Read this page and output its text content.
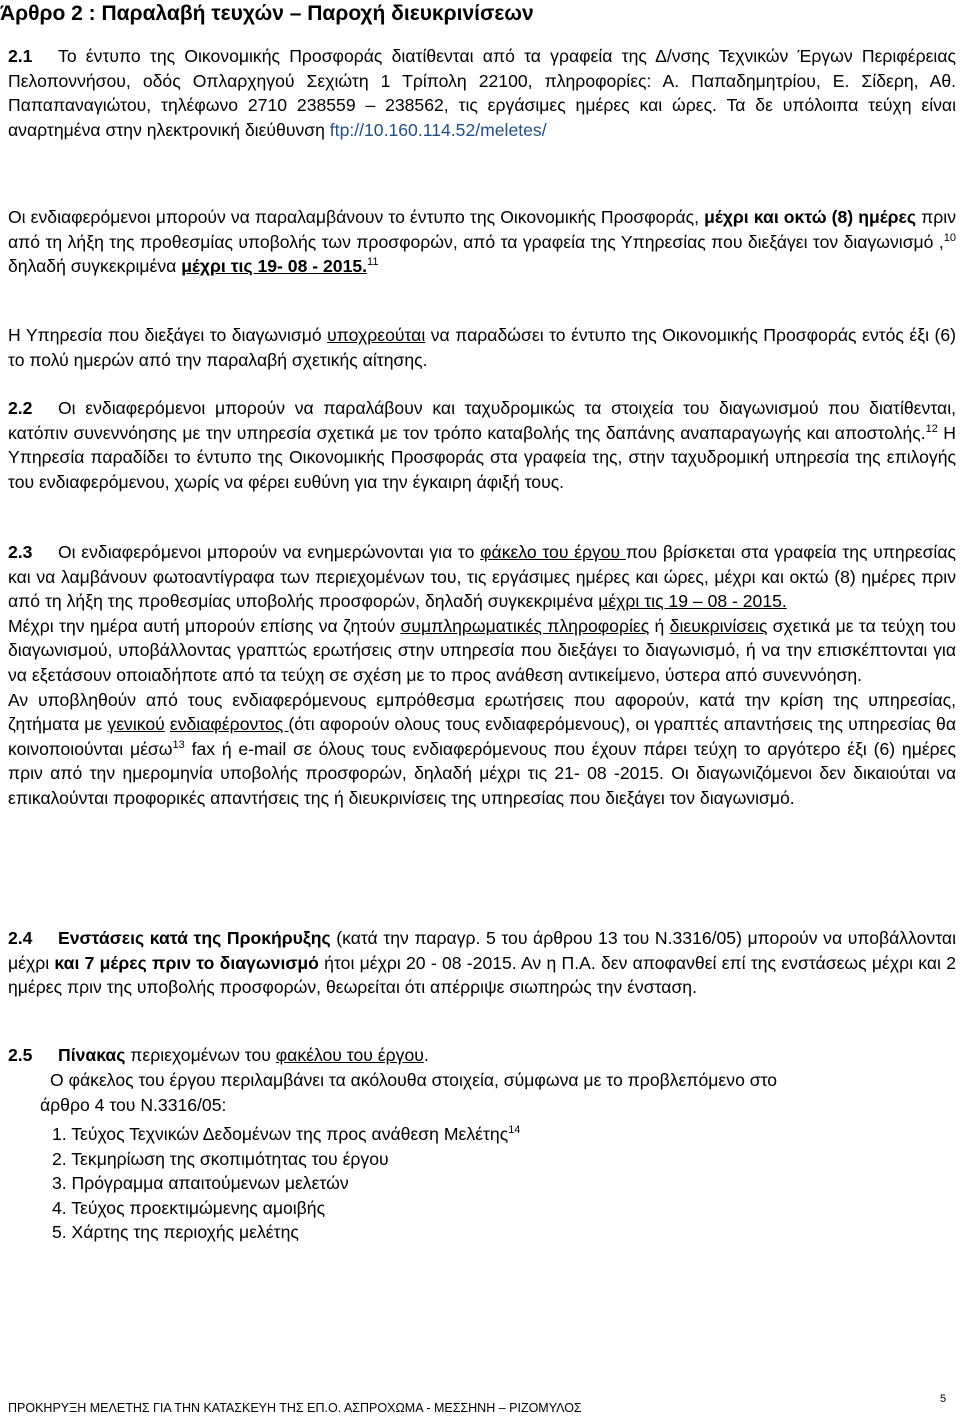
Άρθρο 2 : Παραλαβή τευχών – Παροχή διευκρινίσεων
2.1 Το έντυπο της Οικονομικής Προσφοράς διατίθενται από τα γραφεία της Δ/νσης Τεχνικών Έργων Περιφέρειας Πελοποννήσου, οδός Οπλαρχηγού Σεχιώτη 1 Τρίπολη 22100, πληροφορίες: Α. Παπαδημητρίου, Ε. Σίδερη, Αθ. Παπαπαναγιώτου, τηλέφωνο 2710 238559 – 238562, τις εργάσιμες ημέρες και ώρες. Τα δε υπόλοιπα τεύχη είναι αναρτημένα στην ηλεκτρονική διεύθυνση ftp://10.160.114.52/meletes/
Οι ενδιαφερόμενοι μπορούν να παραλαμβάνουν το έντυπο της Οικονομικής Προσφοράς, μέχρι και οκτώ (8) ημέρες πριν από τη λήξη της προθεσμίας υποβολής των προσφορών, από τα γραφεία της Υπηρεσίας που διεξάγει τον διαγωνισμό ,$^{10}$ δηλαδή συγκεκριμένα μέχρι τις 19- 08 - 2015.11
Η Υπηρεσία που διεξάγει το διαγωνισμό υποχρεούται να παραδώσει το έντυπο της Οικονομικής Προσφοράς εντός έξι (6) το πολύ ημερών από την παραλαβή σχετικής αίτησης.
2.2 Οι ενδιαφερόμενοι μπορούν να παραλάβουν και ταχυδρομικώς τα στοιχεία του διαγωνισμού που διατίθενται, κατόπιν συνεννόησης με την υπηρεσία σχετικά με τον τρόπο καταβολής της δαπάνης αναπαραγωγής και αποστολής.$^{12}$ Η Υπηρεσία παραδίδει το έντυπο της Οικονομικής Προσφοράς στα γραφεία της, στην ταχυδρομική υπηρεσία της επιλογής του ενδιαφερόμενου, χωρίς να φέρει ευθύνη για την έγκαιρη άφιξή τους.
2.3 Οι ενδιαφερόμενοι μπορούν να ενημερώνονται για το φάκελο του έργου που βρίσκεται στα γραφεία της υπηρεσίας και να λαμβάνουν φωτοαντίγραφα των περιεχομένων του, τις εργάσιμες ημέρες και ώρες, μέχρι και οκτώ (8) ημέρες πριν από τη λήξη της προθεσμίας υποβολής προσφορών, δηλαδή συγκεκριμένα μέχρι τις 19 – 08 - 2015.
Μέχρι την ημέρα αυτή μπορούν επίσης να ζητούν συμπληρωματικές πληροφορίες ή διευκρινίσεις σχετικά με τα τεύχη του διαγωνισμού, υποβάλλοντας γραπτώς ερωτήσεις στην υπηρεσία που διεξάγει το διαγωνισμό, ή να την επισκέπτονται για να εξετάσουν οποιαδήποτε από τα τεύχη σε σχέση με το προς ανάθεση αντικείμενο, ύστερα από συνεννόηση.
Αν υποβληθούν από τους ενδιαφερόμενους εμπρόθεσμα ερωτήσεις που αφορούν, κατά την κρίση της υπηρεσίας, ζητήματα με γενικού ενδιαφέροντος (ότι αφορούν ολους τους ενδιαφερόμενους), οι γραπτές απαντήσεις της υπηρεσίας θα κοινοποιούνται μέσω$^{13}$ fax ή e-mail σε όλους τους ενδιαφερόμενους που έχουν πάρει τεύχη το αργότερο έξι (6) ημέρες πριν από την ημερομηνία υποβολής προσφορών, δηλαδή μέχρι τις 21- 08 -2015. Οι διαγωνιζόμενοι δεν δικαιούται να επικαλούνται προφορικές απαντήσεις της ή διευκρινίσεις της υπηρεσίας που διεξάγει τον διαγωνισμό.
2.4 Ενστάσεις κατά της Προκήρυξης (κατά την παραγρ. 5 του άρθρου 13 του Ν.3316/05) μπορούν να υποβάλλονται μέχρι και 7 μέρες πριν το διαγωνισμό ήτοι μέχρι 20 - 08 -2015. Αν η Π.Α. δεν αποφανθεί επί της ενστάσεως μέχρι και 2 ημέρες πριν της υποβολής προσφορών, θεωρείται ότι απέρριψε σιωπηρώς την ένσταση.
2.5 Πίνακας περιεχομένων του φακέλου του έργου.
Ο φάκελος του έργου περιλαμβάνει τα ακόλουθα στοιχεία, σύμφωνα με το προβλεπόμενο στο
άρθρο 4 του Ν.3316/05:
1. Τεύχος Τεχνικών Δεδομένων της προς ανάθεση Μελέτης$^{14}$
2. Τεκμηρίωση της σκοπιμότητας του έργου
3. Πρόγραμμα απαιτούμενων μελετών
4. Τεύχος προεκτιμώμενης αμοιβής
5. Χάρτης της περιοχής μελέτης
ΠΡΟΚΗΡΥΞΗ ΜΕΛΕΤΗΣ ΓΙΑ ΤΗΝ ΚΑΤΑΣΚΕΥΗ ΤΗΣ ΕΠ.Ο. ΑΣΠΡΟΧΩΜΑ - ΜΕΣΣΗΝΗ – ΡΙΖΟΜΥΛΟΣ
5
